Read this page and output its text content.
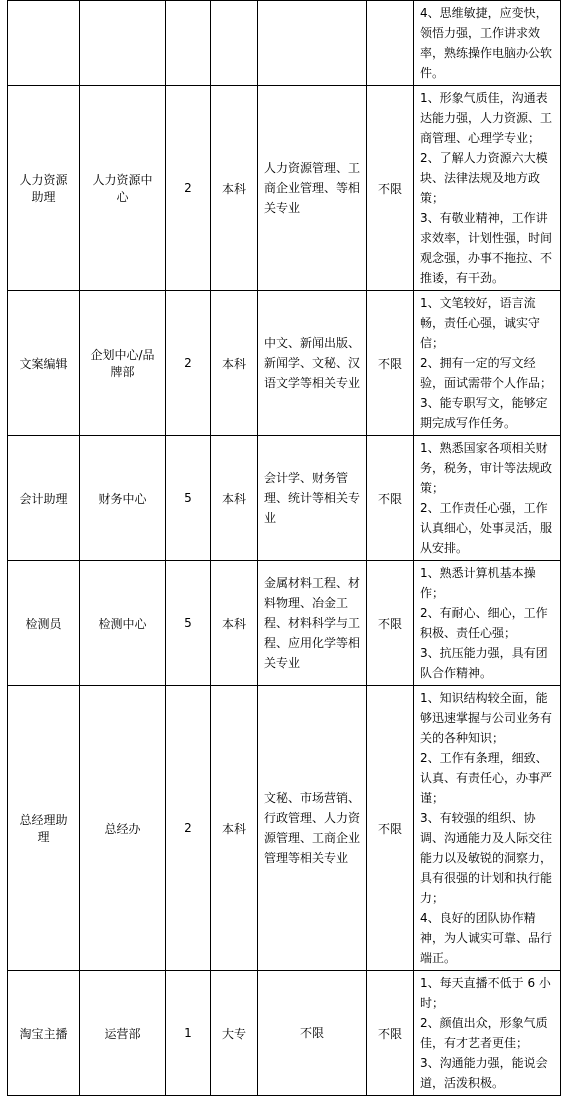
						4、思维敏捷，应变快，领悟力强，工作讲求效率，熟练操作电脑办公软件。

人力资源助理	人力资源中心	2	本科	人力资源管理、工商企业管理、等相关专业	不限	1、形象气质佳，沟通表达能力强，人力资源、工商管理、心理学专业；
2、了解人力资源六大模块、法律法规及地方政策；
3、有敬业精神，工作讲求效率，计划性强，时间观念强，办事不拖拉、不推诿，有干劲。

文案编辑	企划中心/品牌部	2	本科	中文、新闻出版、新闻学、文秘、汉语文学等相关专业	不限	1、文笔较好，语言流畅，责任心强，诚实守信；
2、拥有一定的写文经验，面试需带个人作品；
3、能专职写文，能够定期完成写作任务。

会计助理	财务中心	5	本科	会计学、财务管理、统计等相关专业	不限	1、熟悉国家各项相关财务，税务，审计等法规政策；
2、工作责任心强，工作认真细心，处事灵活，服从安排。

检测员	检测中心	5	本科	金属材料工程、材料物理、冶金工程、材料科学与工程、应用化学等相关专业	不限	1、熟悉计算机基本操作；
2、有耐心、细心，工作积极、责任心强；
3、抗压能力强，具有团队合作精神。

总经理助理	总经办	2	本科	文秘、市场营销、行政管理、人力资源管理、工商企业管理等相关专业	不限	1、知识结构较全面，能够迅速掌握与公司业务有关的各种知识；
2、工作有条理，细致、认真、有责任心，办事严谨；
3、有较强的组织、协调、沟通能力及人际交往能力以及敏锐的洞察力，具有很强的计划和执行能力；
4、良好的团队协作精神，为人诚实可靠、品行端正。

淘宝主播	运营部	1	大专	不限	不限	1、每天直播不低于 6 小时；
2、颜值出众，形象气质佳，有才艺者更佳；
3、沟通能力强，能说会道，活泼积极。
